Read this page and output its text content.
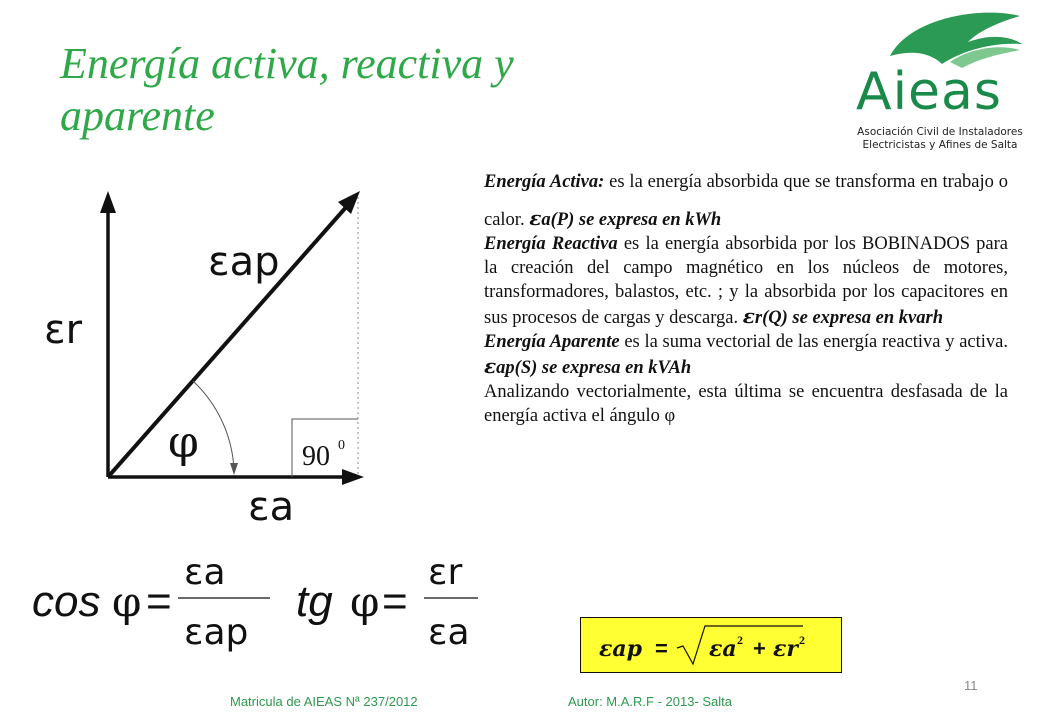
Energía activa, reactiva y aparente	Aieas
Asociación Civil de Instaladores
Electricistas y Afines de Salta

Energía Activa: es la energía absorbida que se transforma en trabajo o calor. εa(P) se expresa en kWh

Energía Reactiva es la energía absorbida por los BOBINADOS para la creación del campo magnético en los núcleos de motores, transformadores, balastos, etc. ; y la absorbida por los capacitores en sus procesos de cargas y descarga. εr(Q) se expresa en kvarh

Energía Aparente es la suma vectorial de las energía reactiva y activa. εap(S) se expresa en kVAh

Analizando vectorialmente, esta última se encuentra desfasada de la energía activa el ángulo φ

εap
εr
εa
φ	90 0
cos φ =
εa
εap
tg φ =
εr
εa	εap = εa 2 + εr 2
Matricula de AIEAS Nª 237/2012	Autor: M.A.R.F - 2013- Salta
11
